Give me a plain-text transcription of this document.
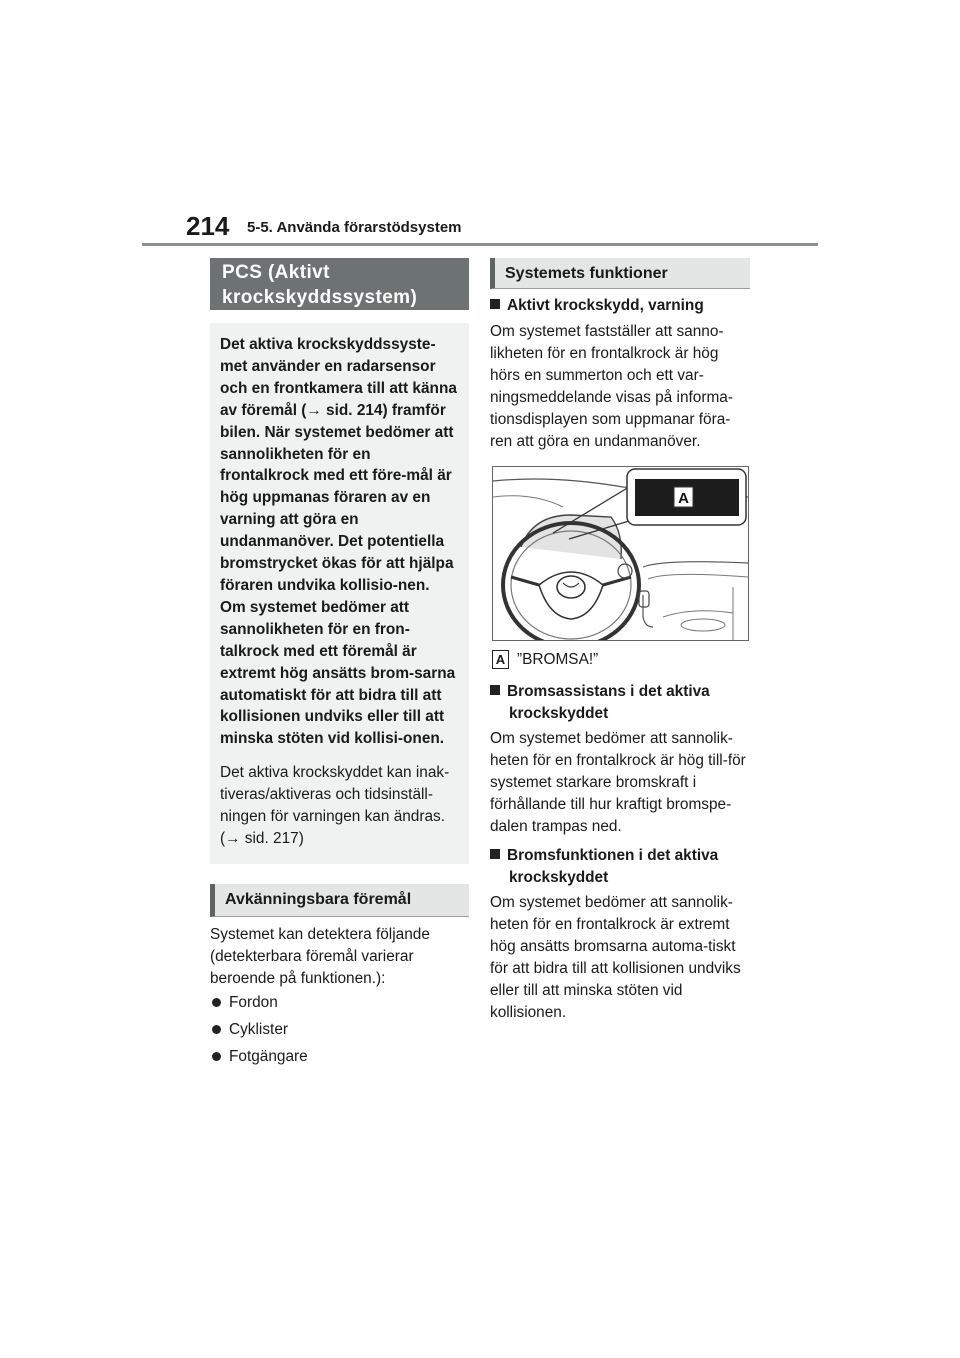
214 5-5. Använda förarstödsystem
PCS (Aktivt krockskyddssystem)

Det aktiva krockskyddssyste-met använder en radarsensor och en frontkamera till att känna av föremål (→ sid. 214) framför bilen. När systemet bedömer att sannolikheten för en frontalkrock med ett före-mål är hög uppmanas föraren av en varning att göra en undanmanöver. Det potentiella bromstrycket ökas för att hjälpa föraren undvika kollisio-nen. Om systemet bedömer att sannolikheten för en fron-talkrock med ett föremål är extremt hög ansätts brom-sarna automatiskt för att bidra till att kollisionen undviks eller till att minska stöten vid kollisi-onen.

Det aktiva krockskyddet kan inak-tiveras/aktiveras och tidsinställ-ningen för varningen kan ändras. (→ sid. 217)

Avkänningsbara föremål

Systemet kan detektera följande (detekterbara föremål varierar beroende på funktionen.):

Fordon
Cyklister
Fotgängare
Systemets funktioner

Aktivt krockskydd, varning

Om systemet fastställer att sanno-likheten för en frontalkrock är hög hörs en summerton och ett var-ningsmeddelande visas på informa-tionsdisplayen som uppmanar föra-ren att göra en undanmanöver.

A
A ”BROMSA!”

Bromsassistans i det aktiva
krockskyddet

Om systemet bedömer att sannolik-heten för en frontalkrock är hög till-för systemet starkare bromskraft i förhållande till hur kraftigt bromspe-dalen trampas ned.

Bromsfunktionen i det aktiva
krockskyddet

Om systemet bedömer att sannolik-heten för en frontalkrock är extremt hög ansätts bromsarna automa-tiskt för att bidra till att kollisionen undviks eller till att minska stöten vid kollisionen.
